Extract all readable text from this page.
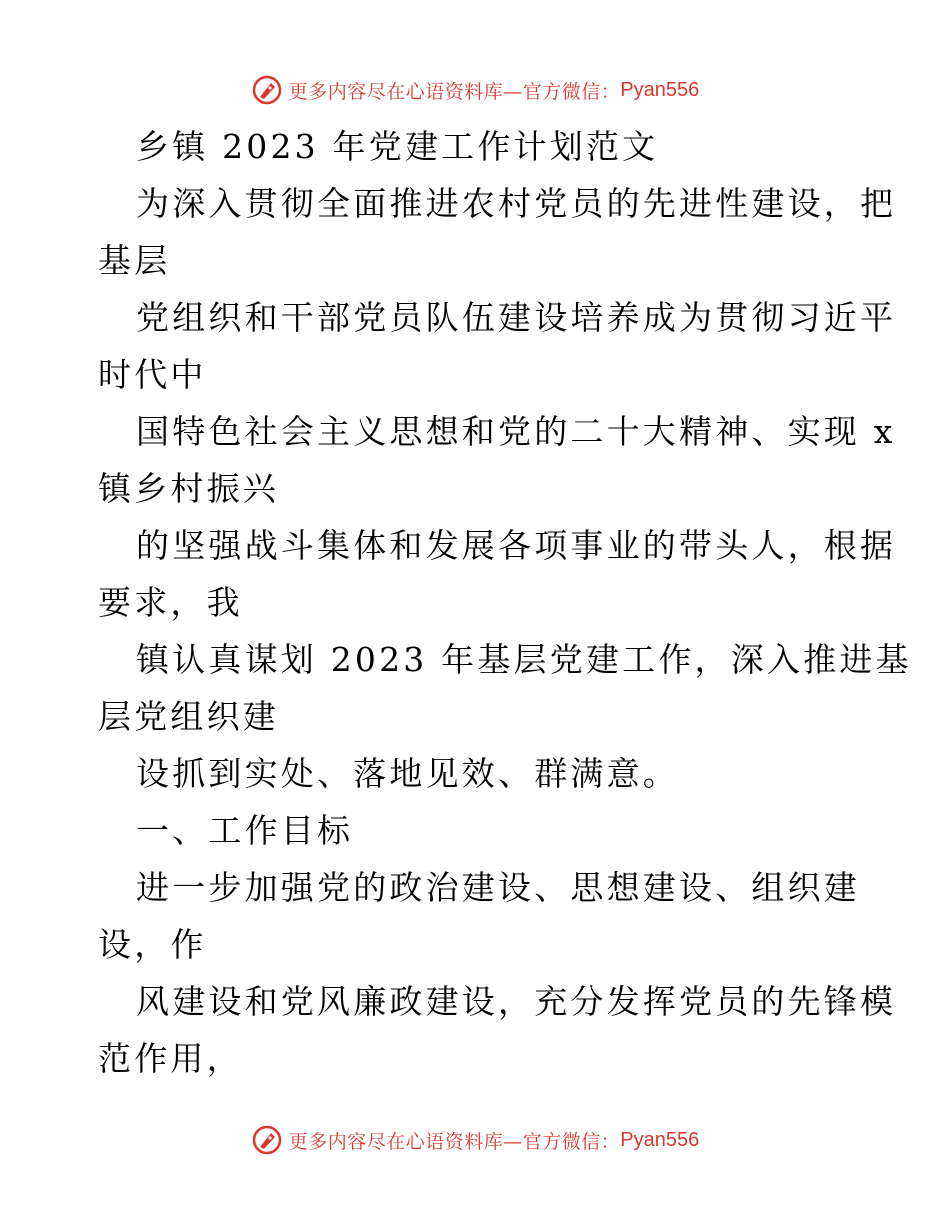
更多内容尽在心语资料库—官方微信： Pyan556
乡镇 2023 年党建工作计划范文
为深入贯彻全面推进农村党员的先进性建设，把
基层
党组织和干部党员队伍建设培养成为贯彻习近平
时代中
国特色社会主义思想和党的二十大精神、实现 x
镇乡村振兴
的坚强战斗集体和发展各项事业的带头人，根据
要求，我
镇认真谋划 2023 年基层党建工作，深入推进基
层党组织建
设抓到实处、落地见效、群满意。
一、工作目标
进一步加强党的政治建设、思想建设、组织建
设，作
风建设和党风廉政建设，充分发挥党员的先锋模
范作用，
更多内容尽在心语资料库—官方微信： Pyan556
